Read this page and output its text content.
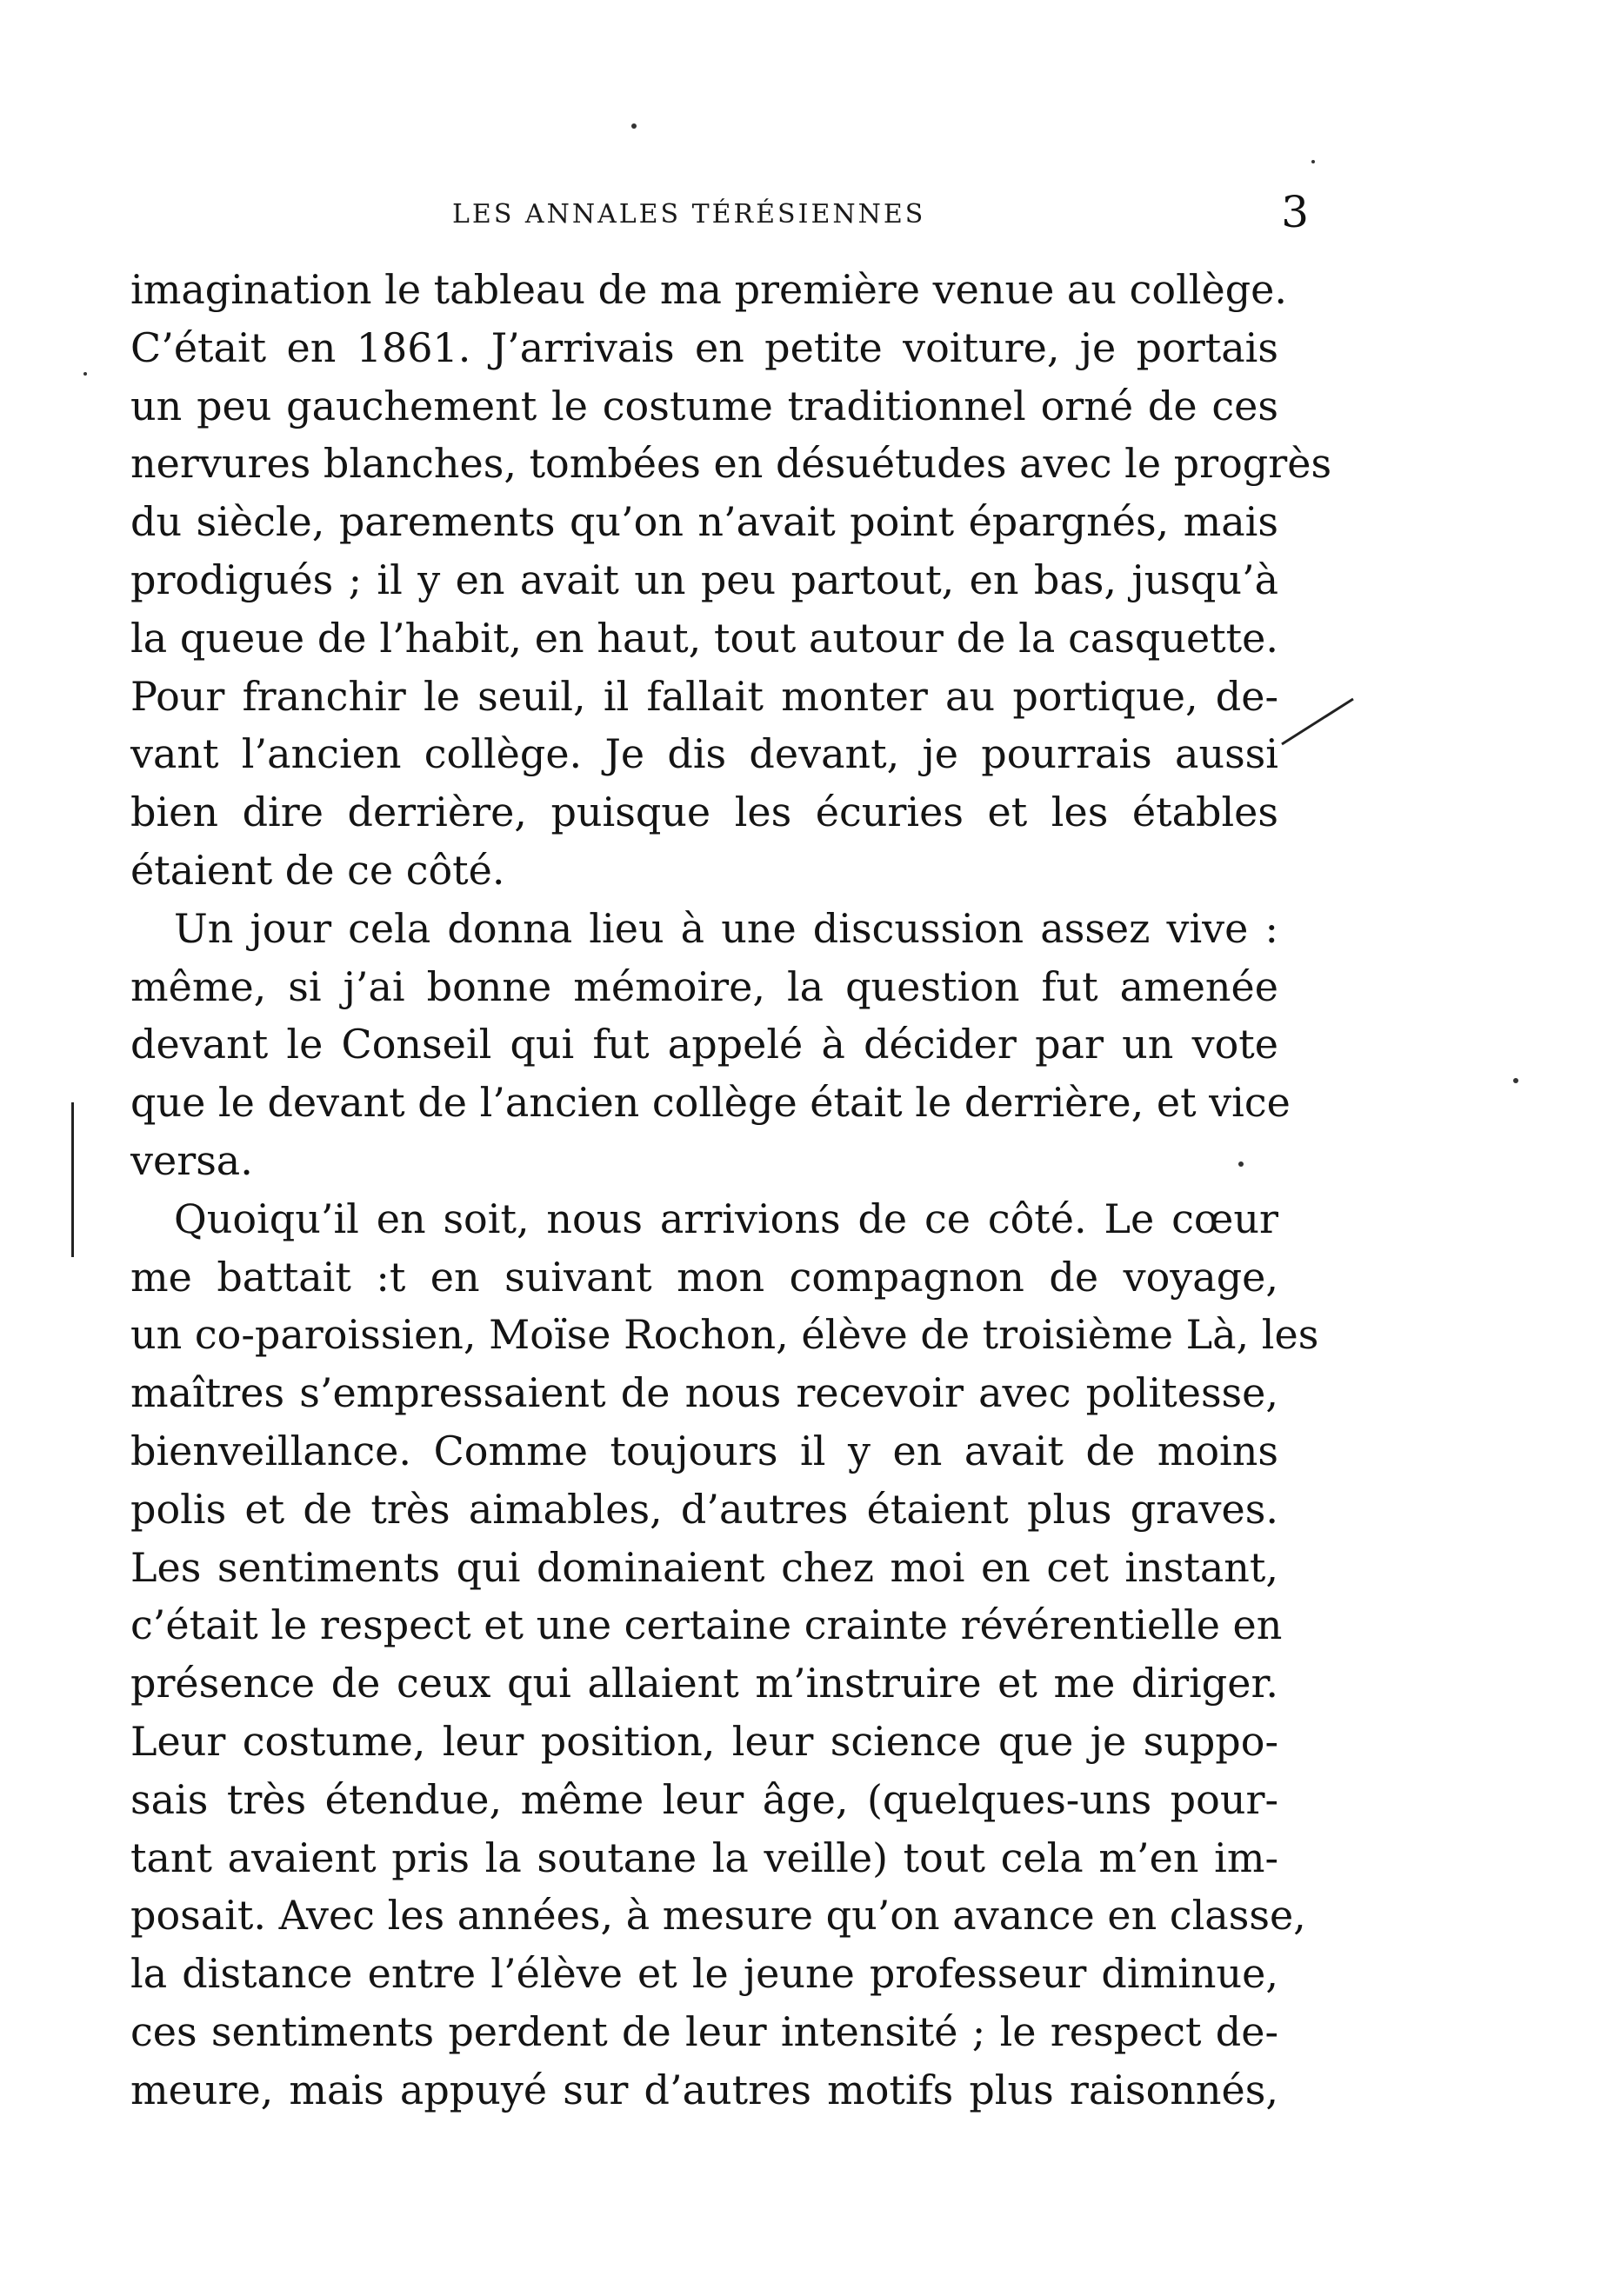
LES ANNALES TÉRÉSIENNES	3
imagination le tableau de ma première venue au collège.
C’était en 1861. J’arrivais en petite voiture, je portais
un peu gauchement le costume traditionnel orné de ces
nervures blanches, tombées en désuétudes avec le progrès
du siècle, parements qu’on n’avait point épargnés, mais
prodigués ; il y en avait un peu partout, en bas, jusqu’à
la queue de l’habit, en haut, tout autour de la casquette.
Pour franchir le seuil, il fallait monter au portique, de-
vant l’ancien collège. Je dis devant, je pourrais aussi
bien dire derrière, puisque les écuries et les étables
étaient de ce côté.
Un jour cela donna lieu à une discussion assez vive :
même, si j’ai bonne mémoire, la question fut amenée
devant le Conseil qui fut appelé à décider par un vote
que le devant de l’ancien collège était le derrière, et vice
versa.
Quoiqu’il en soit, nous arrivions de ce côté. Le cœur
me battait :t en suivant mon compagnon de voyage,
un co-paroissien, Moïse Rochon, élève de troisième Là, les
maîtres s’empressaient de nous recevoir avec politesse,
bienveillance. Comme toujours il y en avait de moins
polis et de très aimables, d’autres étaient plus graves.
Les sentiments qui dominaient chez moi en cet instant,
c’était le respect et une certaine crainte révérentielle en
présence de ceux qui allaient m’instruire et me diriger.
Leur costume, leur position, leur science que je suppo-
sais très étendue, même leur âge, (quelques-uns pour-
tant avaient pris la soutane la veille) tout cela m’en im-
posait. Avec les années, à mesure qu’on avance en classe,
la distance entre l’élève et le jeune professeur diminue,
ces sentiments perdent de leur intensité ; le respect de-
meure, mais appuyé sur d’autres motifs plus raisonnés,
